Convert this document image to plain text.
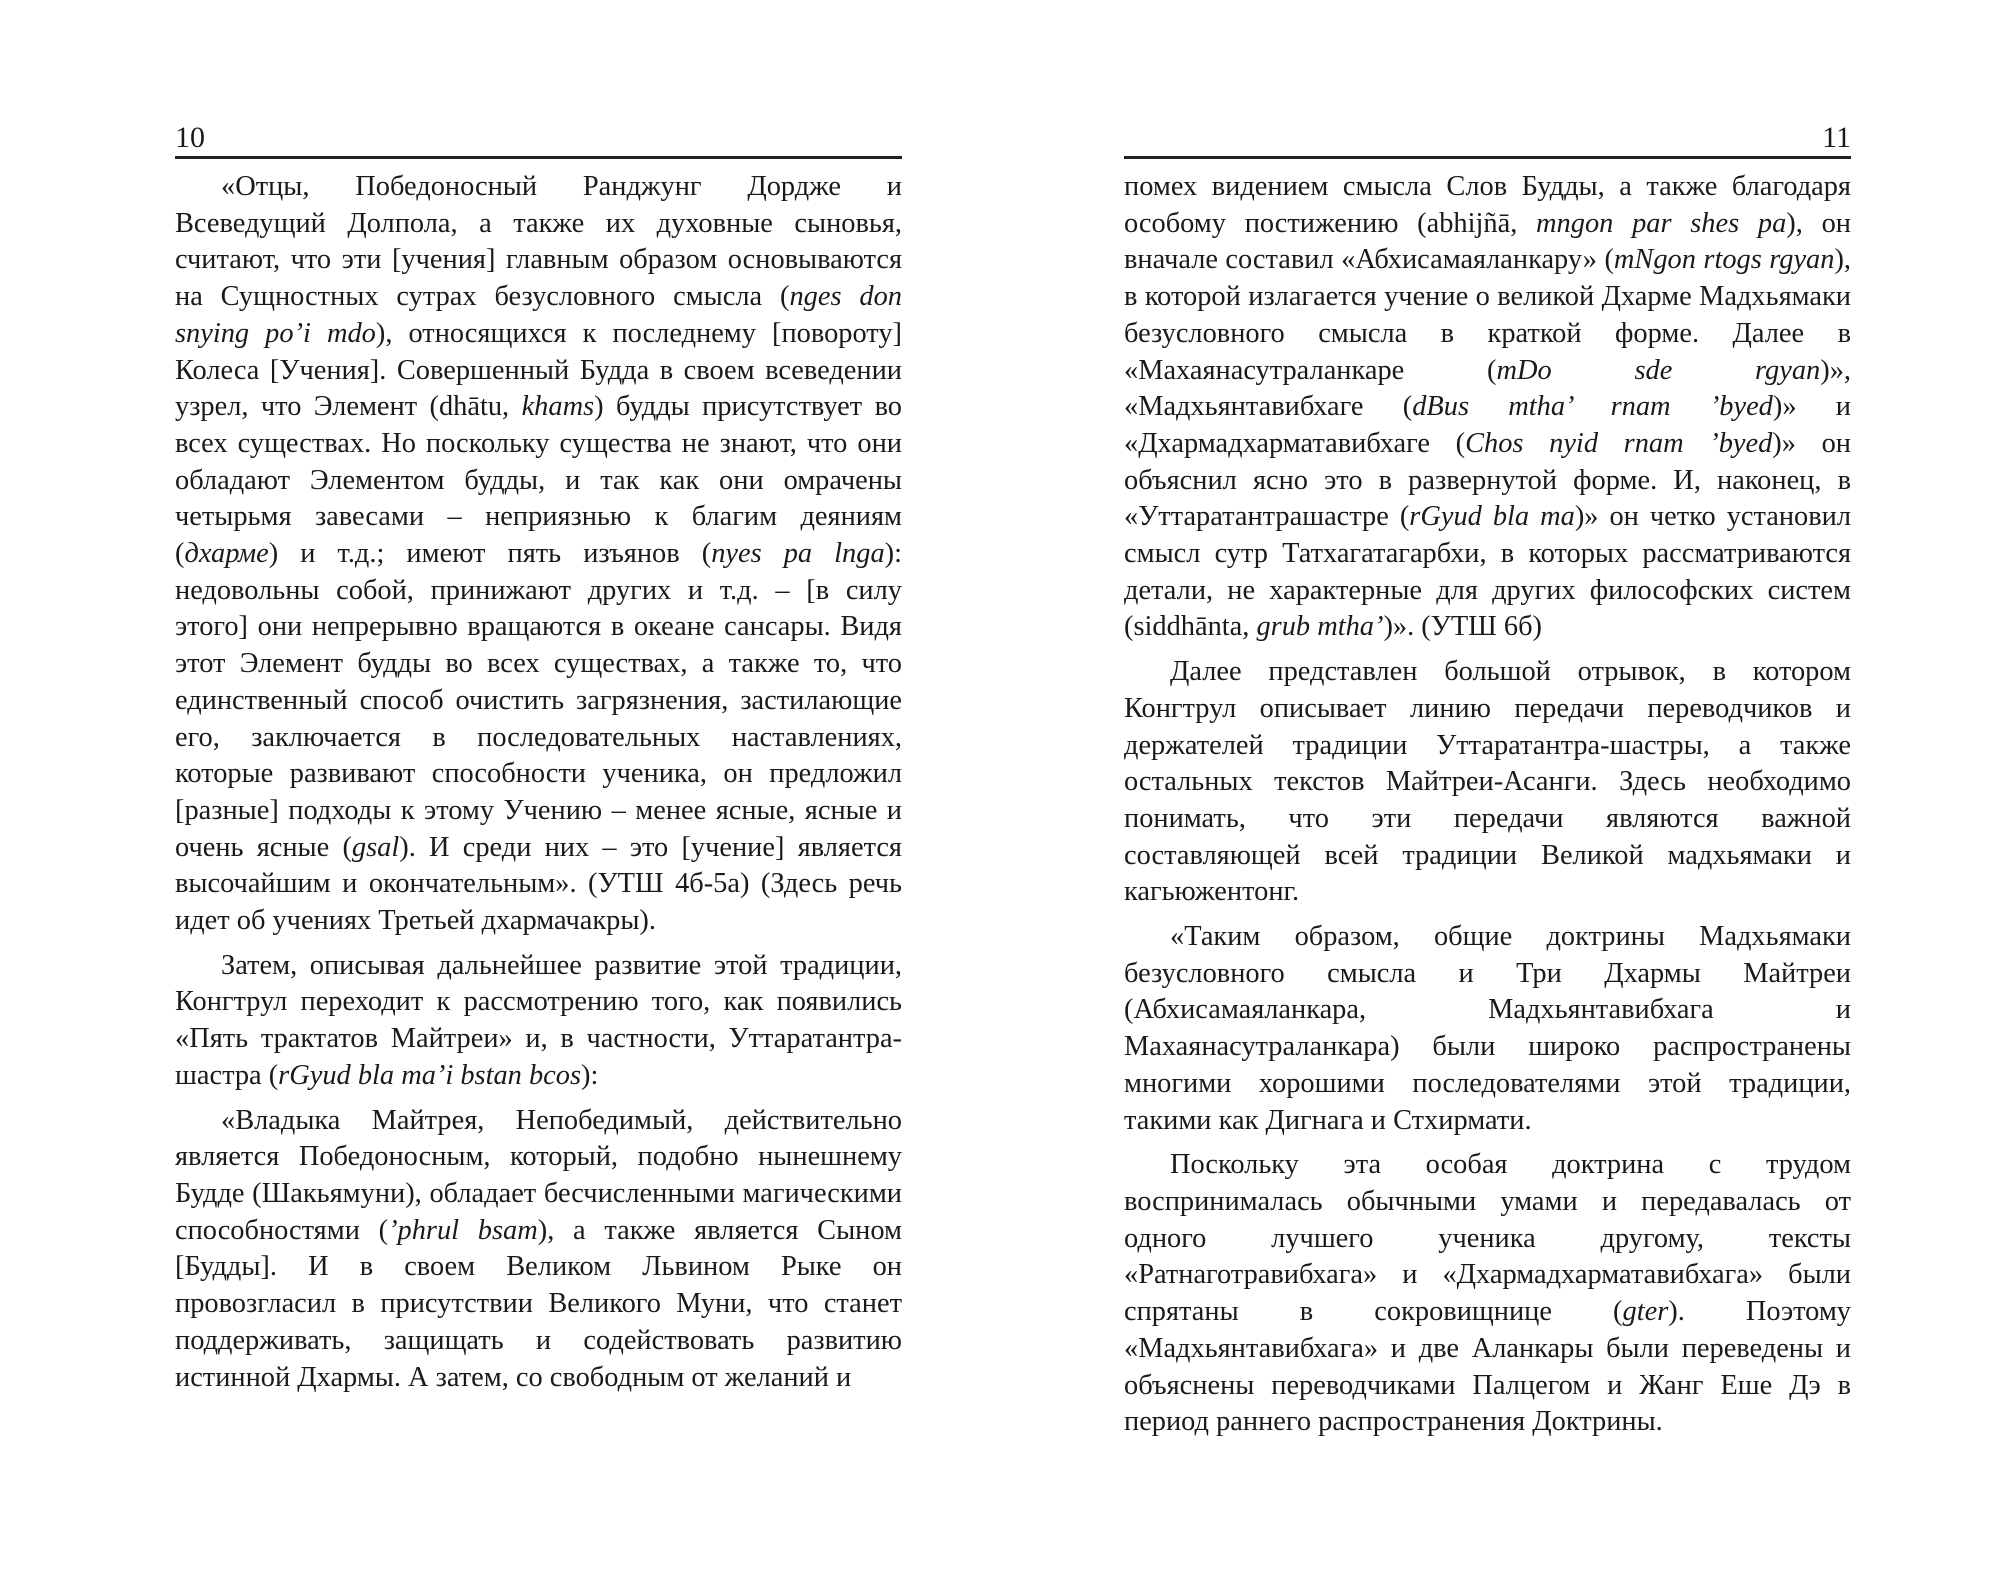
10

«Отцы, Победоносный Ранджунг Дордже и Всеведущий Долпола, а также их духовные сыновья, считают, что эти [учения] главным образом основываются на Сущностных сутрах безусловного смысла (nges don snying po’i mdo), относящихся к последнему [повороту] Колеса [Учения]. Совершенный Будда в своем всеведении узрел, что Элемент (dhātu, khams) будды присутствует во всех существах. Но поскольку существа не знают, что они обладают Элементом будды, и так как они омрачены четырьмя завесами – неприязнью к благим деяниям (дхарме) и т.д.; имеют пять изъянов (nyes pa lnga): недовольны собой, принижают других и т.д. – [в силу этого] они непрерывно вращаются в океане сансары. Видя этот Элемент будды во всех существах, а также то, что единственный способ очистить загрязнения, застилающие его, заключается в последовательных наставлениях, которые развивают способности ученика, он предложил [разные] подходы к этому Учению – менее ясные, ясные и очень ясные (gsal). И среди них – это [учение] является высочайшим и окончательным». (УТШ 4б-5а) (Здесь речь идет об учениях Третьей дхармачакры).

Затем, описывая дальнейшее развитие этой традиции, Конгтрул переходит к рассмотрению того, как появились «Пять трактатов Майтреи» и, в частности, Уттаратантра-шастра (rGyud bla ma’i bstan bcos):

«Владыка Майтрея, Непобедимый, действительно является Победоносным, который, подобно нынешнему Будде (Шакьямуни), обладает бесчисленными магическими способностями (’phrul bsam), а также является Сыном [Будды]. И в своем Великом Львином Рыке он провозгласил в присутствии Великого Муни, что станет поддерживать, защищать и содействовать развитию истинной Дхармы. А затем, со свободным от желаний и

11

помех видением смысла Слов Будды, а также благодаря особому постижению (abhijñā, mngon par shes pa), он вначале составил «Абхисамаяланкару» (mNgon rtogs rgyan), в которой излагается учение о великой Дхарме Мадхьямаки безусловного смысла в краткой форме. Далее в «Махаянасутраланкаре (mDo sde rgyan)», «Мадхьянтавибхаге (dBus mtha’ rnam ’byed)» и «Дхармадхарматавибхаге (Chos nyid rnam ’byed)» он объяснил ясно это в развернутой форме. И, наконец, в «Уттаратантрашастре (rGyud bla ma)» он четко установил смысл сутр Татхагатагарбхи, в которых рассматриваются детали, не характерные для других философских систем (siddhānta, grub mtha’)». (УТШ 6б)

Далее представлен большой отрывок, в котором Конгтрул описывает линию передачи переводчиков и держателей традиции Уттаратантра-шастры, а также остальных текстов Майтреи-Асанги. Здесь необходимо понимать, что эти передачи являются важной составляющей всей традиции Великой мадхьямаки и кагьюжентонг.

«Таким образом, общие доктрины Мадхьямаки безусловного смысла и Три Дхармы Майтреи (Абхисамаяланкара, Мадхьянтавибхага и Махаянасутраланкара) были широко распространены многими хорошими последователями этой традиции, такими как Дигнага и Стхирмати.

Поскольку эта особая доктрина с трудом воспринималась обычными умами и передавалась от одного лучшего ученика другому, тексты «Ратнаготравибхага» и «Дхармадхарматавибхага» были спрятаны в сокровищнице (gter). Поэтому «Мадхьянтавибхага» и две Аланкары были переведены и объяснены переводчиками Палцегом и Жанг Еше Дэ в период раннего распространения Доктрины.
